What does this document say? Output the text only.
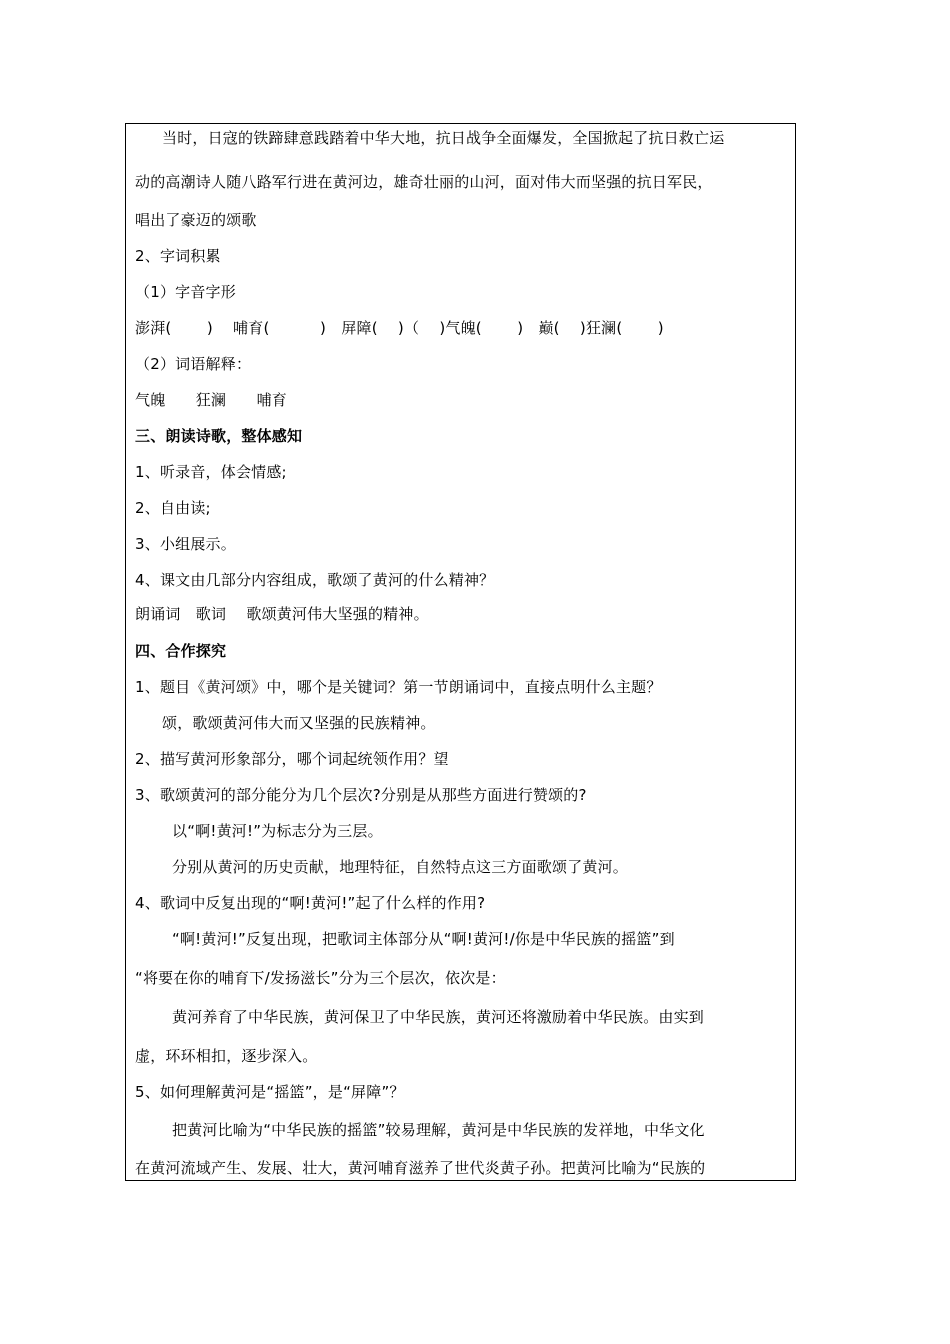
当时，日寇的铁蹄肆意践踏着中华大地，抗日战争全面爆发，全国掀起了抗日救亡运
动的高潮诗人随八路军行进在黄河边，雄奇壮丽的山河，面对伟大而坚强的抗日军民，
唱出了豪迈的颂歌
2、字词积累
（1）字音字形
澎湃(　　 )　 哺育(　　　 )　屏障(　 )（　 )气魄(　　 )　巅(　 )狂澜(　　 )
（2）词语解释：
气魄　　狂澜　　哺育
三、朗读诗歌，整体感知
1、听录音，体会情感;
2、自由读;
3、小组展示。
4、课文由几部分内容组成，歌颂了黄河的什么精神？
朗诵词　歌词　 歌颂黄河伟大坚强的精神。
四、合作探究
1、题目《黄河颂》中，哪个是关键词？第一节朗诵词中，直接点明什么主题？
颂，歌颂黄河伟大而又坚强的民族精神。
2、描写黄河形象部分，哪个词起统领作用？望
3、歌颂黄河的部分能分为几个层次?分别是从那些方面进行赞颂的?
以“啊!黄河!”为标志分为三层。
分别从黄河的历史贡献，地理特征，自然特点这三方面歌颂了黄河。
4、歌词中反复出现的“啊!黄河!”起了什么样的作用?
“啊!黄河!”反复出现，把歌词主体部分从“啊!黄河!/你是中华民族的摇篮”到
“将要在你的哺育下/发扬滋长”分为三个层次，依次是：
黄河养育了中华民族，黄河保卫了中华民族，黄河还将激励着中华民族。由实到
虚，环环相扣，逐步深入。
5、如何理解黄河是“摇篮”，是“屏障”？
把黄河比喻为“中华民族的摇篮”较易理解，黄河是中华民族的发祥地，中华文化
在黄河流域产生、发展、壮大，黄河哺育滋养了世代炎黄子孙。把黄河比喻为“民族的
